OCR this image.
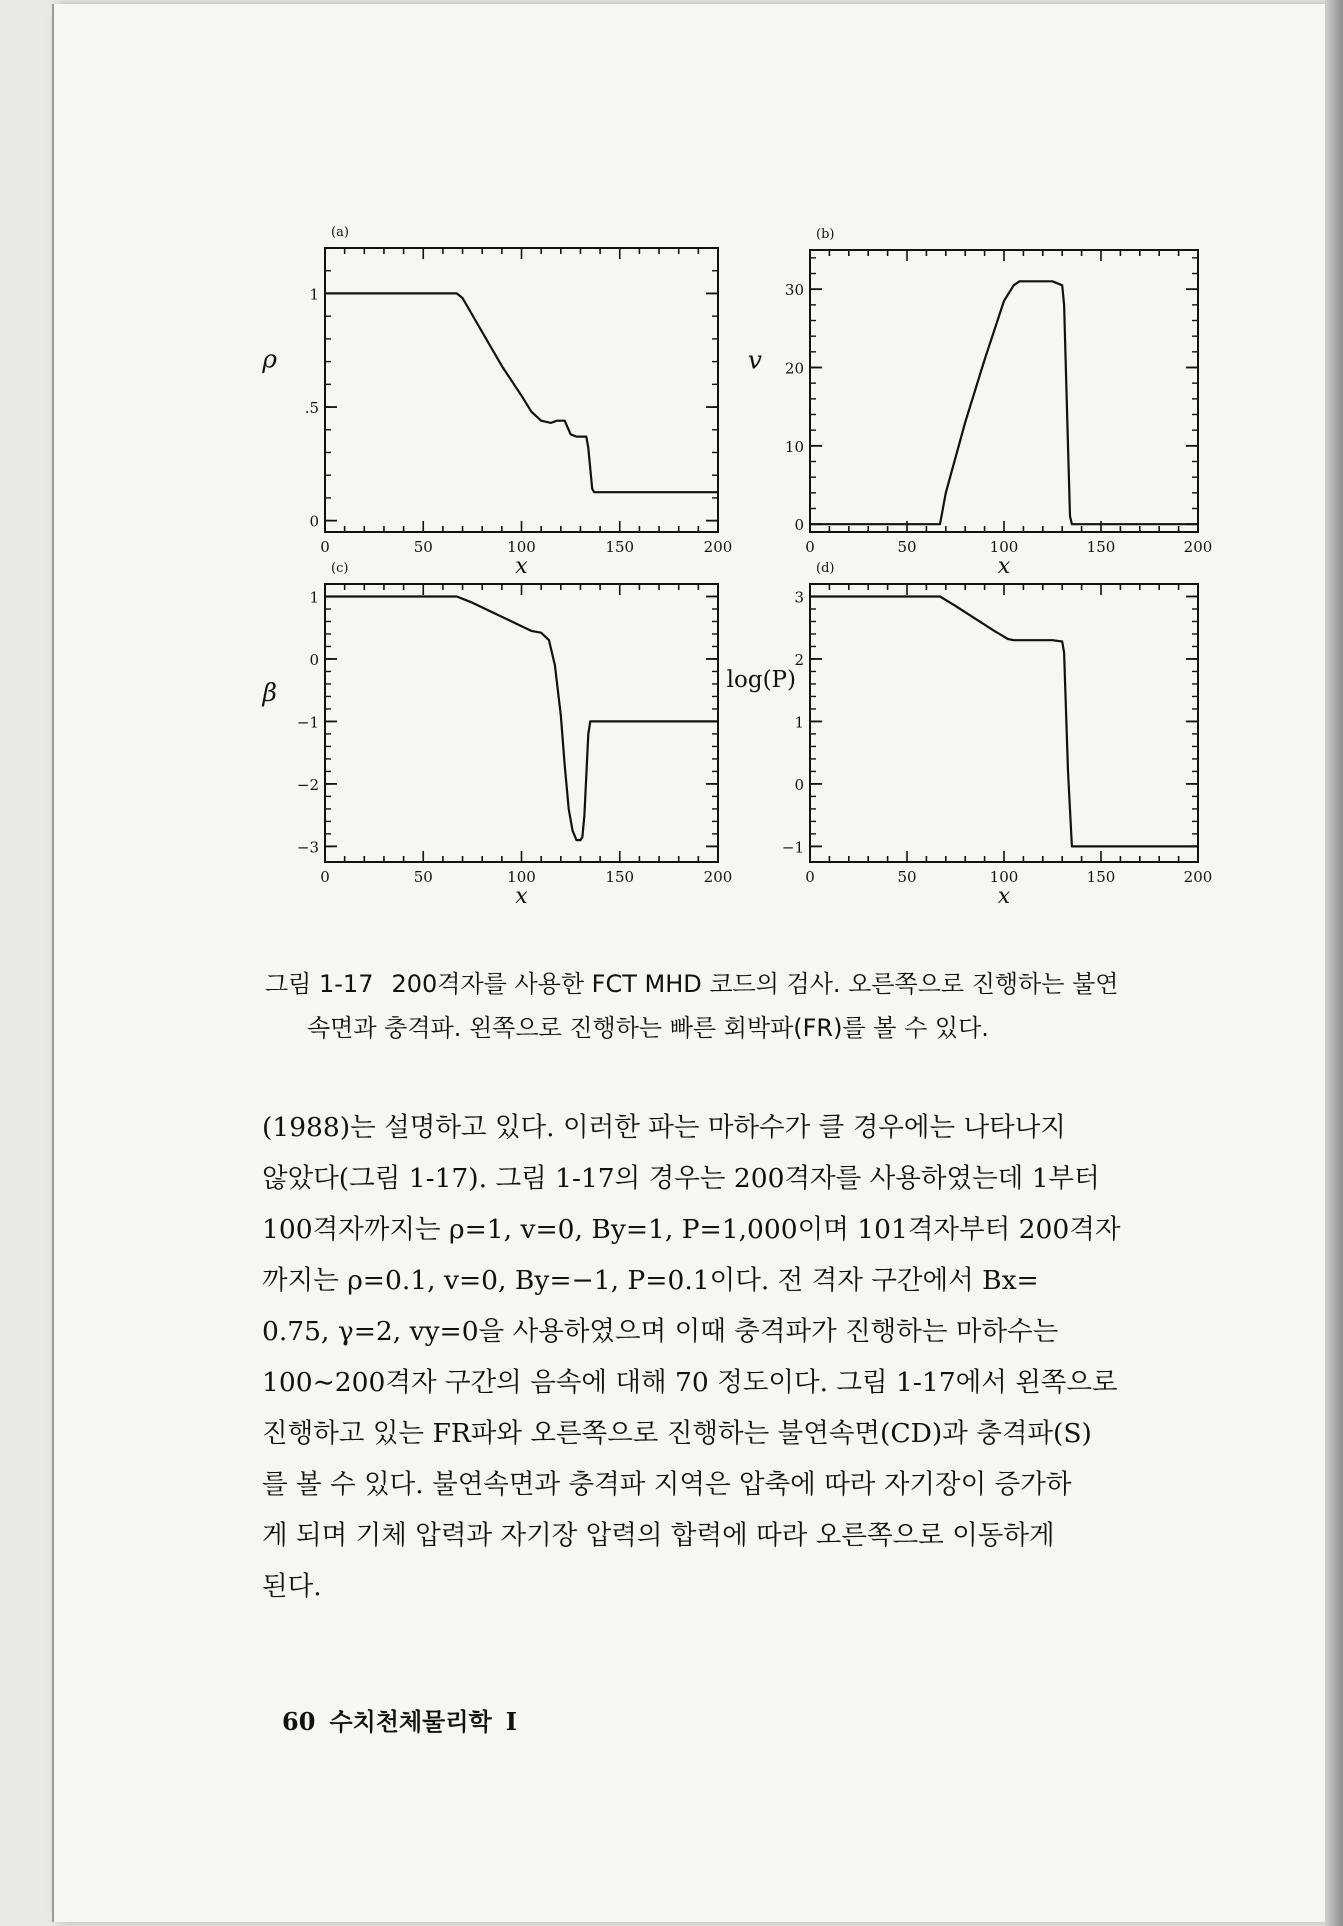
0	50	100	150	200
0
.5
1
(a)
x
ρ
0	50	100	150	200
0
10
20
30
(b)
x
v
0	50	100	150	200
−3
−2
−1
0
1
(c)
x
β
0	50	100	150	200
−1
0
1
2
3
(d)
x
log(P)
그림 1-17 200격자를 사용한 FCT MHD 코드의 검사. 오른쪽으로 진행하는 불연
속면과 충격파. 왼쪽으로 진행하는 빠른 회박파(FR)를 볼 수 있다.
(1988)는 설명하고 있다. 이러한 파는 마하수가 클 경우에는 나타나지
않았다(그림 1-17). 그림 1-17의 경우는 200격자를 사용하였는데 1부터
100격자까지는 ρ=1, v=0, By=1, P=1,000이며 101격자부터 200격자
까지는 ρ=0.1, v=0, By=−1, P=0.1이다. 전 격자 구간에서 Bx=
0.75, γ=2, vy=0을 사용하였으며 이때 충격파가 진행하는 마하수는
100∼200격자 구간의 음속에 대해 70 정도이다. 그림 1-17에서 왼쪽으로
진행하고 있는 FR파와 오른쪽으로 진행하는 불연속면(CD)과 충격파(S)
를 볼 수 있다. 불연속면과 충격파 지역은 압축에 따라 자기장이 증가하
게 되며 기체 압력과 자기장 압력의 합력에 따라 오른쪽으로 이동하게
된다.
60 수치천체물리학 I
